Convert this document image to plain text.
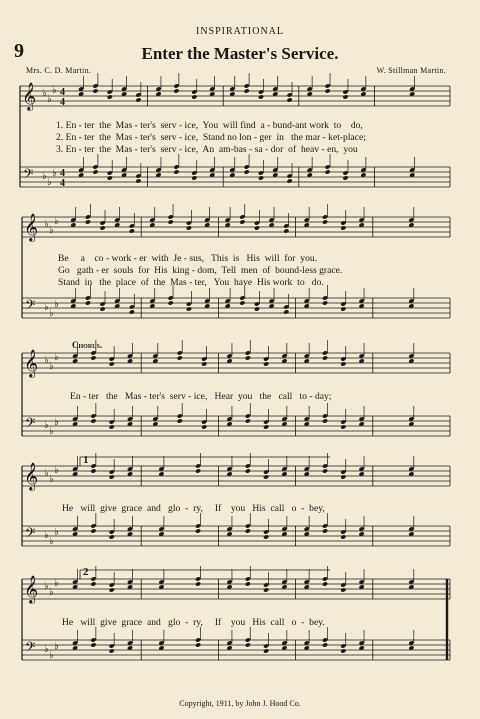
INSPIRATIONAL
9	Enter the Master's Service.
Mrs. C. D. Martin.	W. Stillman Martin.
𝄞
𝄢
♭
♭
♭
♭
♭
♭
4
4
4
4
𝄞
𝄢
♭
♭
♭
♭
♭
♭
𝄞
𝄢
♭
♭
♭
♭
♭
♭
𝄞
𝄢
♭
♭
♭
♭
♭
♭
𝄞
𝄢
♭
♭
♭
♭
♭
♭
1. En - ter  the  Mas - ter's  serv - ice,  You  will find  a - bund-ant work  to    do,
2. En - ter  the  Mas - ter's  serv - ice,  Stand no lon - ger  in   the mar - ket-place;
3. En - ter  the  Mas - ter's  serv - ice,  An  am-bas - sa - dor  of  heav - en,  you
Be     a    co - work - er  with  Je - sus,   This  is   His  will  for  you.
Go   gath - er  souls  for  His  king - dom,  Tell  men  of  bound-less grace.
Stand  in   the  place  of  the  Mas - ter,   You  have  His work  to   do.
Chorus.
En - ter   the   Mas - ter's  serv - ice,   Hear  you   the   call   to - day;
He   will  give  grace  and   glo  -  ry,     If    you   His  call   o  -  bey,
He   will  give  grace  and   glo  -  ry,     If    you   His  call   o  -  bey.
1
2
Copyright, 1911, by John J. Hood Co.
